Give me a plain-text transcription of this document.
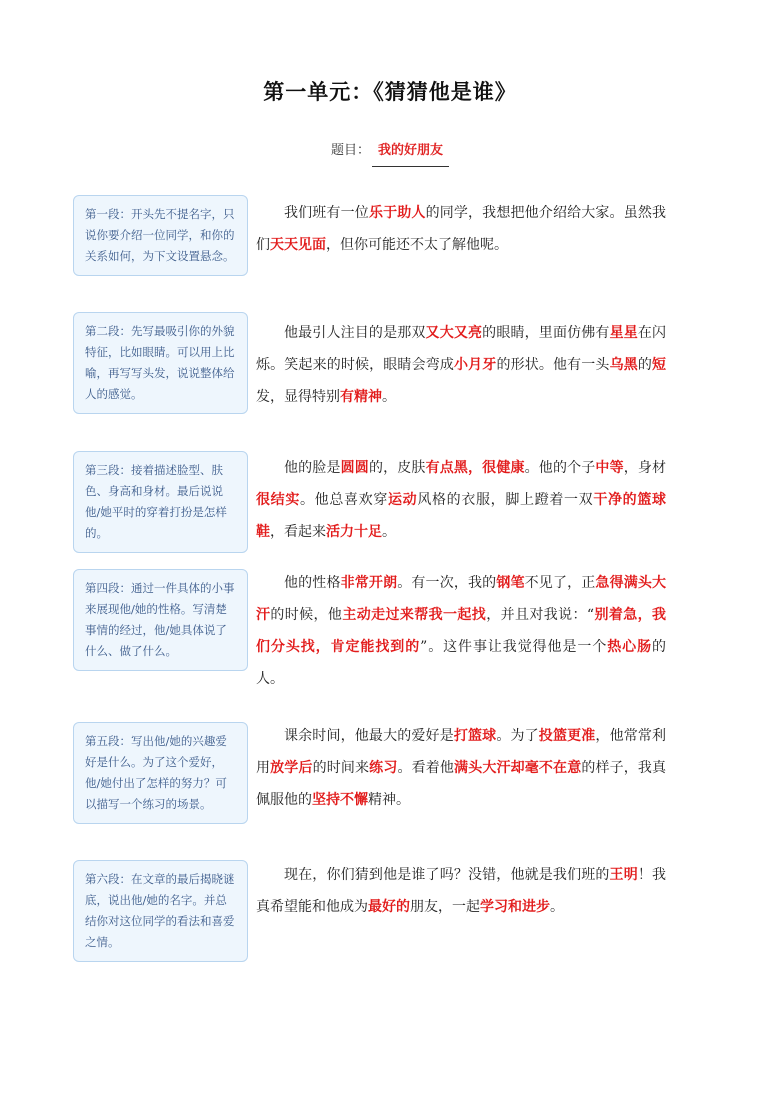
第一单元：《猜猜他是谁》
题目： 我的好朋友
第一段：开头先不提名字，只说你要介绍一位同学，和你的关系如何，为下文设置悬念。
第二段：先写最吸引你的外貌特征，比如眼睛。可以用上比喻，再写写头发，说说整体给人的感觉。
第三段：接着描述脸型、肤色、身高和身材。最后说说他/她平时的穿着打扮是怎样的。
第四段：通过一件具体的小事来展现他/她的性格。写清楚事情的经过，他/她具体说了什么、做了什么。
第五段：写出他/她的兴趣爱好是什么。为了这个爱好，他/她付出了怎样的努力？可以描写一个练习的场景。
第六段：在文章的最后揭晓谜底，说出他/她的名字。并总结你对这位同学的看法和喜爱之情。
我们班有一位乐于助人的同学，我想把他介绍给大家。虽然我们天天见面，但你可能还不太了解他呢。
他最引人注目的是那双又大又亮的眼睛，里面仿佛有星星在闪烁。笑起来的时候，眼睛会弯成小月牙的形状。他有一头乌黑的短发，显得特别有精神。
他的脸是圆圆的，皮肤有点黑，很健康。他的个子中等，身材很结实。他总喜欢穿运动风格的衣服，脚上蹬着一双干净的篮球鞋，看起来活力十足。
他的性格非常开朗。有一次，我的钢笔不见了，正急得满头大汗的时候，他主动走过来帮我一起找，并且对我说：“别着急，我们分头找，肯定能找到的”。这件事让我觉得他是一个热心肠的人。
课余时间，他最大的爱好是打篮球。为了投篮更准，他常常利用放学后的时间来练习。看着他满头大汗却毫不在意的样子，我真佩服他的坚持不懈精神。
现在，你们猜到他是谁了吗？没错，他就是我们班的王明！我真希望能和他成为最好的朋友，一起学习和进步。
